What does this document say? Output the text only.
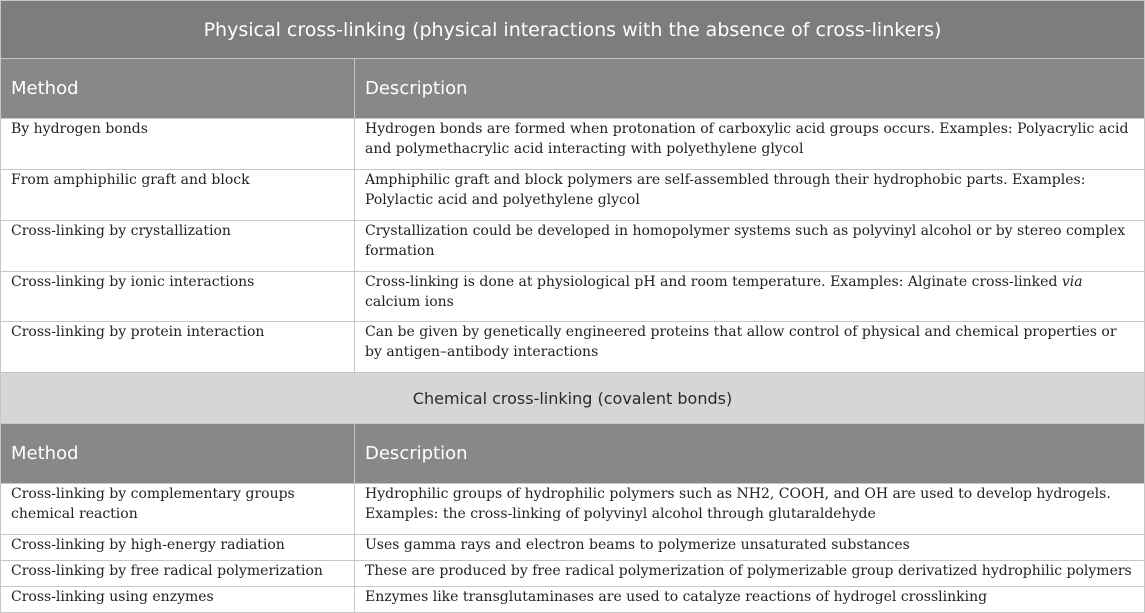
Physical cross-linking (physical interactions with the absence of cross-linkers)	
Method	Description
By hydrogen bonds	Hydrogen bonds are formed when protonation of carboxylic acid groups occurs. Examples: Polyacrylic acid and polymethacrylic acid interacting with polyethylene glycol
From amphiphilic graft and block	Amphiphilic graft and block polymers are self-assembled through their hydrophobic parts. Examples: Polylactic acid and polyethylene glycol
Cross-linking by crystallization	Crystallization could be developed in homopolymer systems such as polyvinyl alcohol or by stereo complex formation
Cross-linking by ionic interactions	Cross-linking is done at physiological pH and room temperature. Examples: Alginate cross-linked via calcium ions
Cross-linking by protein interaction	Can be given by genetically engineered proteins that allow control of physical and chemical properties or by antigen–antibody interactions
Chemical cross-linking (covalent bonds)	
Method	Description
Cross-linking by complementary groups chemical reaction	Hydrophilic groups of hydrophilic polymers such as NH2, COOH, and OH are used to develop hydrogels. Examples: the cross-linking of polyvinyl alcohol through glutaraldehyde
Cross-linking by high-energy radiation	Uses gamma rays and electron beams to polymerize unsaturated substances
Cross-linking by free radical polymerization	These are produced by free radical polymerization of polymerizable group derivatized hydrophilic polymers
Cross-linking using enzymes	Enzymes like transglutaminases are used to catalyze reactions of hydrogel crosslinking
